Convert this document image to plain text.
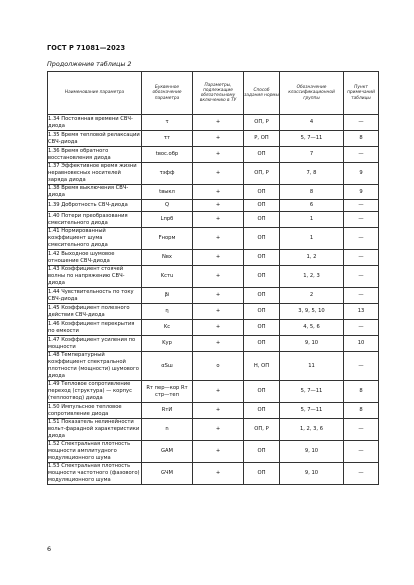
ГОСТ Р 71081—2023
Продолжение таблицы 2
Наименование параметра	Буквенное обозначение параметра	Параметры, подлежащие обязательному включению в ТУ	Способ задания нормы	Обозначение классификационной группы	Пункт примечаний таблицы
1.34 Постоянная времени СВЧ-диода	τ	+	ОП, Р	4	—
1.35 Время тепловой релаксации СВЧ-диода	τт	+	Р, ОП	5, 7—11	8
1.36 Время обратного восстановления диода	tвос.обр	+	ОП	7	—
1.37 Эффективное время жизни неравновесных носителей заряда диода	τэфф	+	ОП, Р	7, 8	9
1.38 Время выключения СВЧ-диода	tвыкл	+	ОП	8	9
1.39 Добротность СВЧ-диода	Q	+	ОП	6	—
1.40 Потери преобразования смесительного диода	Lпрб	+	ОП	1	—
1.41 Нормированный коэффициент шума смесительного диода	Fнорм	+	ОП	1	—
1.42 Выходное шумовое отношение СВЧ-диода	Nвх	+	ОП	1, 2	—
1.43 Коэффициент стоячей волны по напряжению СВЧ-диода	Kстu	+	ОП	1, 2, 3	—
1.44 Чувствительность по току СВЧ-диода	βi	+	ОП	2	—
1.45 Коэффициент полезного действия СВЧ-диода	η	+	ОП	3, 9, 5, 10	13
1.46 Коэффициент перекрытия по емкости	Kс	+	ОП	4, 5, 6	—
1.47 Коэффициент усиления по мощности	Kур	+	ОП	9, 10	10
1.48 Температурный коэффициент спектральной плотности (мощности) шумового диода	αSш	o	Н, ОП	11	—
1.49 Тепловое сопротивление переход (структура) — корпус (теплоотвод) диода	Rт пер—кор Rт стр—теп	+	ОП	5, 7—11	8
1.50 Импульсное тепловое сопротивление диода	RтИ	+	ОП	5, 7—11	8
1.51 Показатель нелинейности вольт-фарадной характеристики диода	n	+	ОП, Р	1, 2, 3, 6	—
1.52 Спектральная плотность мощности амплитудного модуляционного шума	GАМ	+	ОП	9, 10	—
1.53 Спектральная плотность мощности частотного (фазового) модуляционного шума	GЧМ	+	ОП	9, 10	—
6
